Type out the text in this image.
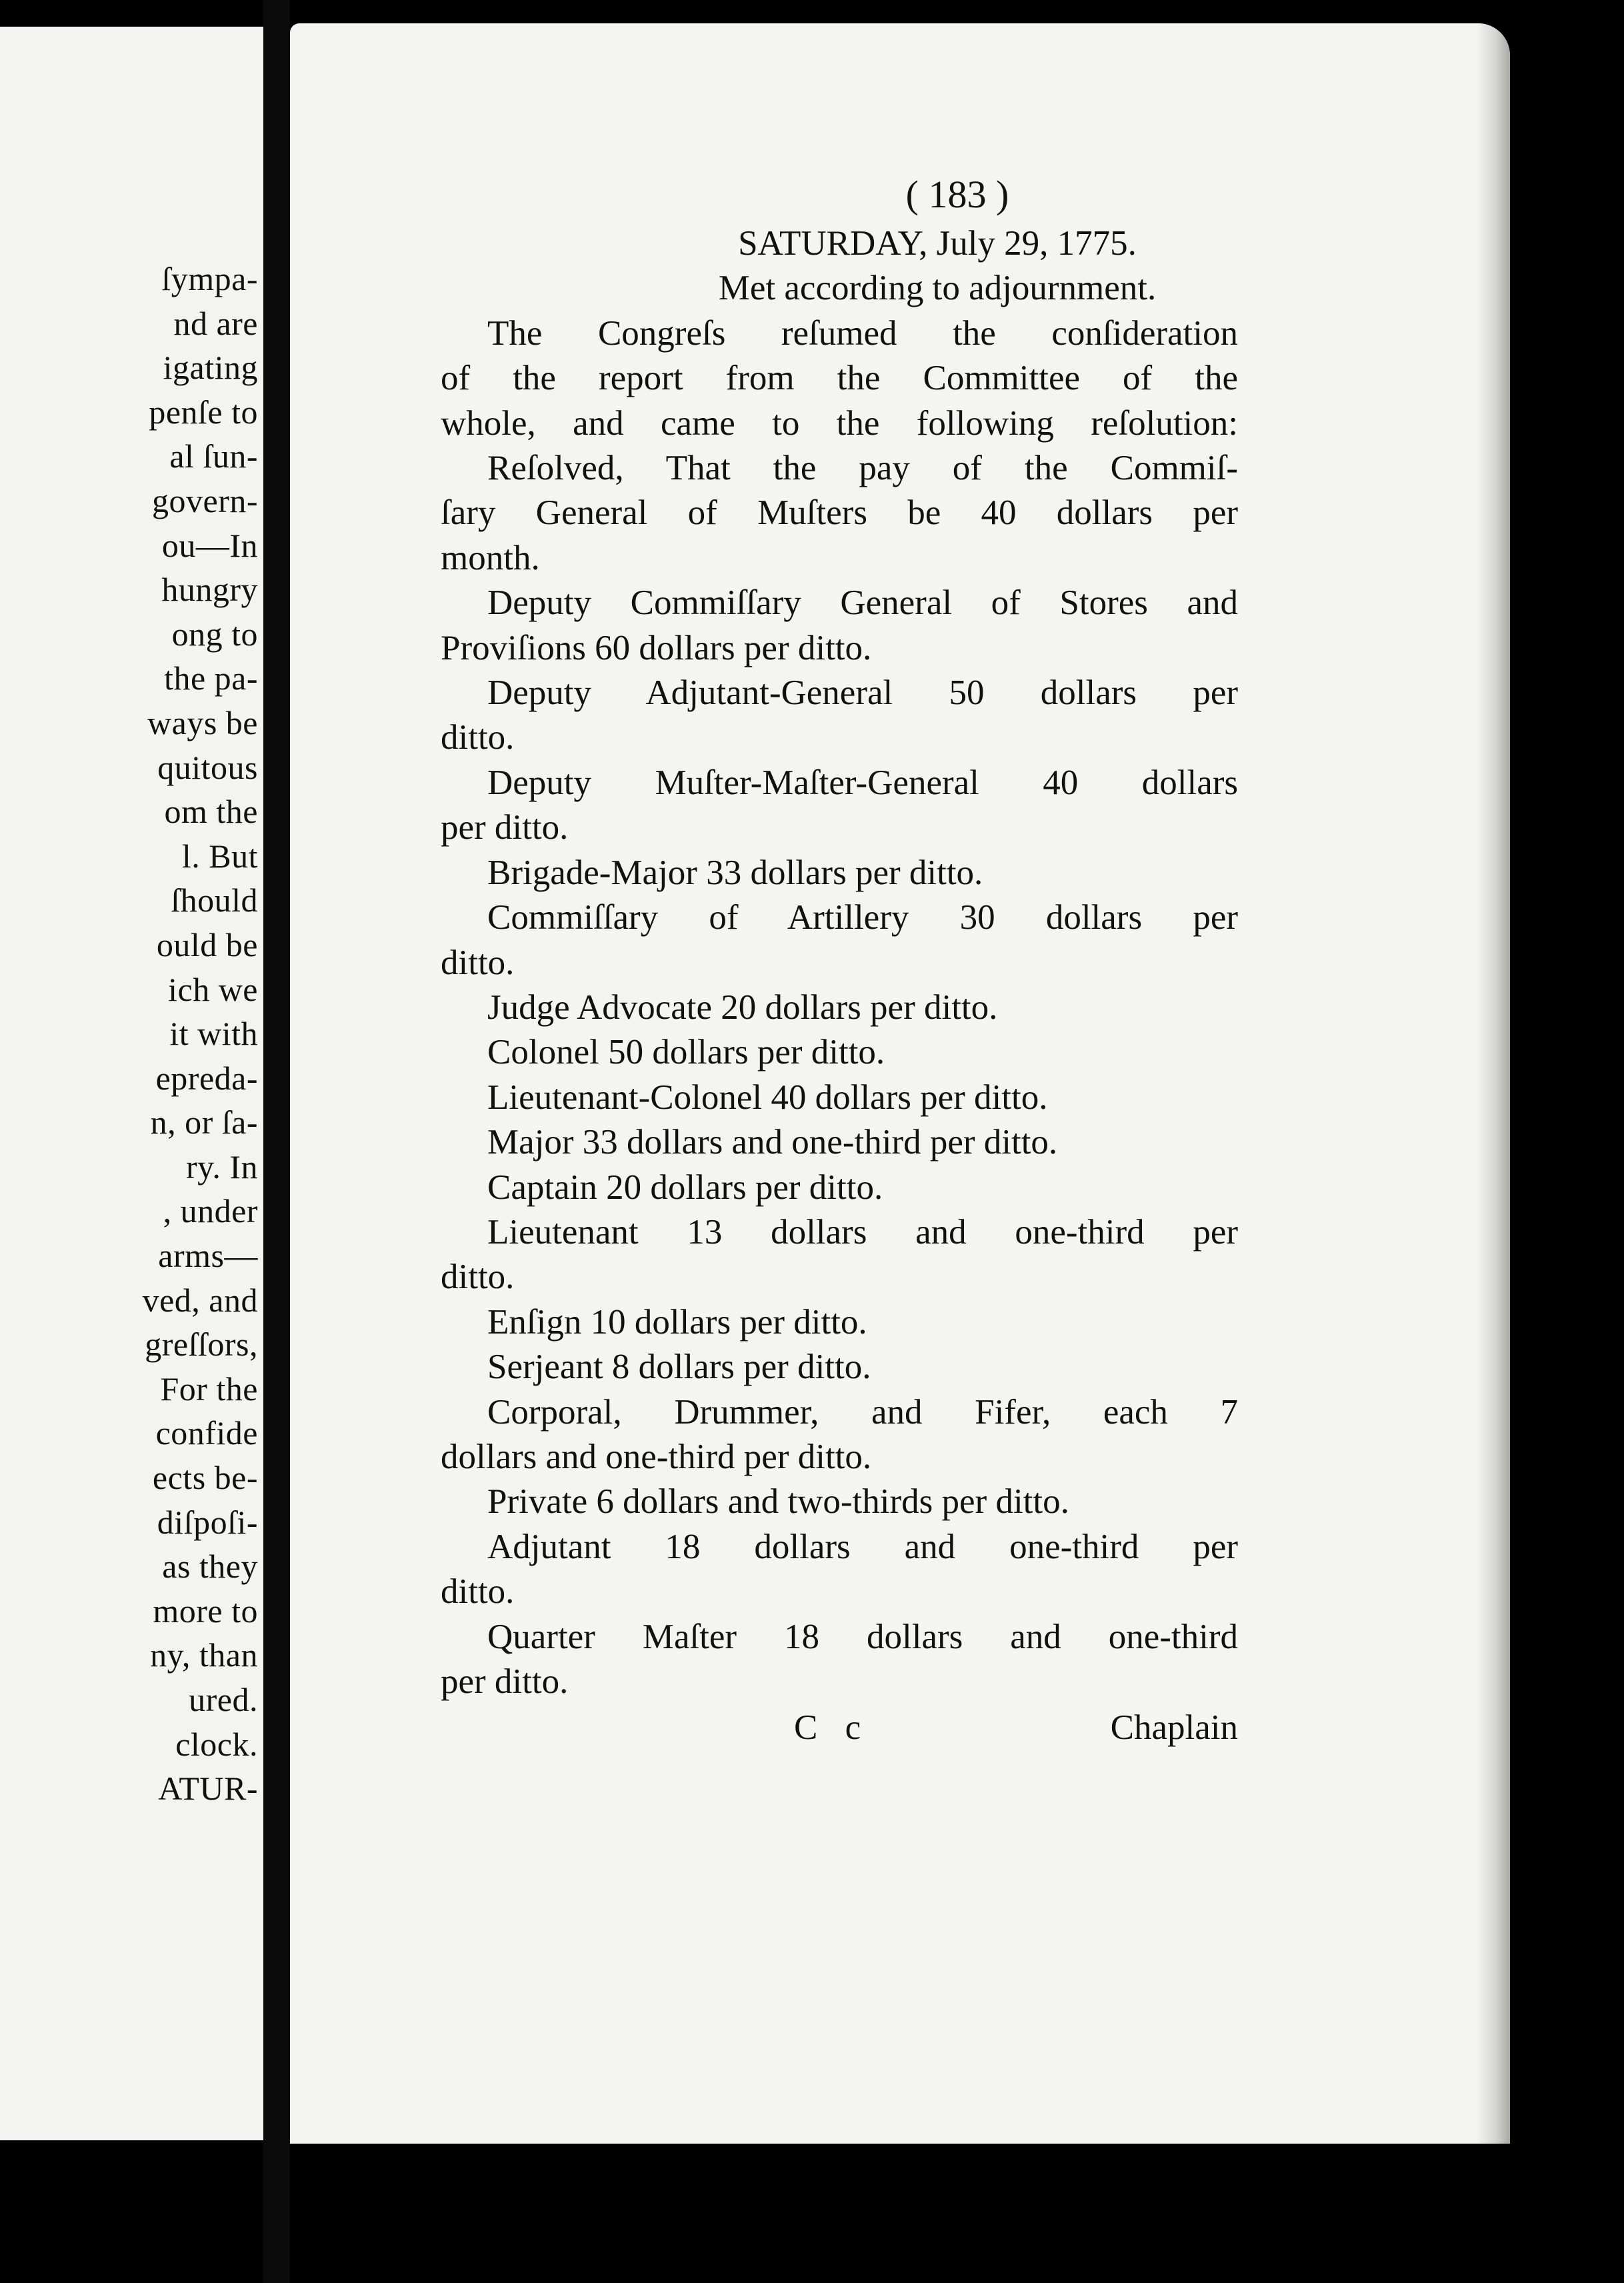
ſympa-
nd are
igating
penſe to
al ſun-
govern-
ou—In
hungry
ong to
the pa-
ways be
quitous
om the
l. But
ſhould
ould be
ich we
it with
epreda-
n, or ſa-
ry. In
, under
arms—
ved, and
greſſors,
For the
confide
ects be-
diſpoſi-
as they
more to
ny, than
ured.
clock.
ATUR-
( 183 )
SATURDAY, July 29, 1775.
Met according to adjournment.
The Congreſs reſumed the conſideration
of the report from the Committee of the
whole, and came to the following reſolution:
Reſolved, That the pay of the Commiſ-
ſary General of Muſters be 40 dollars per
month.
Deputy Commiſſary General of Stores and
Proviſions 60 dollars per ditto.
Deputy Adjutant-General 50 dollars per
ditto.
Deputy Muſter-Maſter-General 40 dollars
per ditto.
Brigade-Major 33 dollars per ditto.
Commiſſary of Artillery 30 dollars per
ditto.
Judge Advocate 20 dollars per ditto.
Colonel 50 dollars per ditto.
Lieutenant-Colonel 40 dollars per ditto.
Major 33 dollars and one-third per ditto.
Captain 20 dollars per ditto.
Lieutenant 13 dollars and one-third per
ditto.
Enſign 10 dollars per ditto.
Serjeant 8 dollars per ditto.
Corporal, Drummer, and Fifer, each 7
dollars and one-third per ditto.
Private 6 dollars and two-thirds per ditto.
Adjutant 18 dollars and one-third per
ditto.
Quarter Maſter 18 dollars and one-third
per ditto.
C c	Chaplain
